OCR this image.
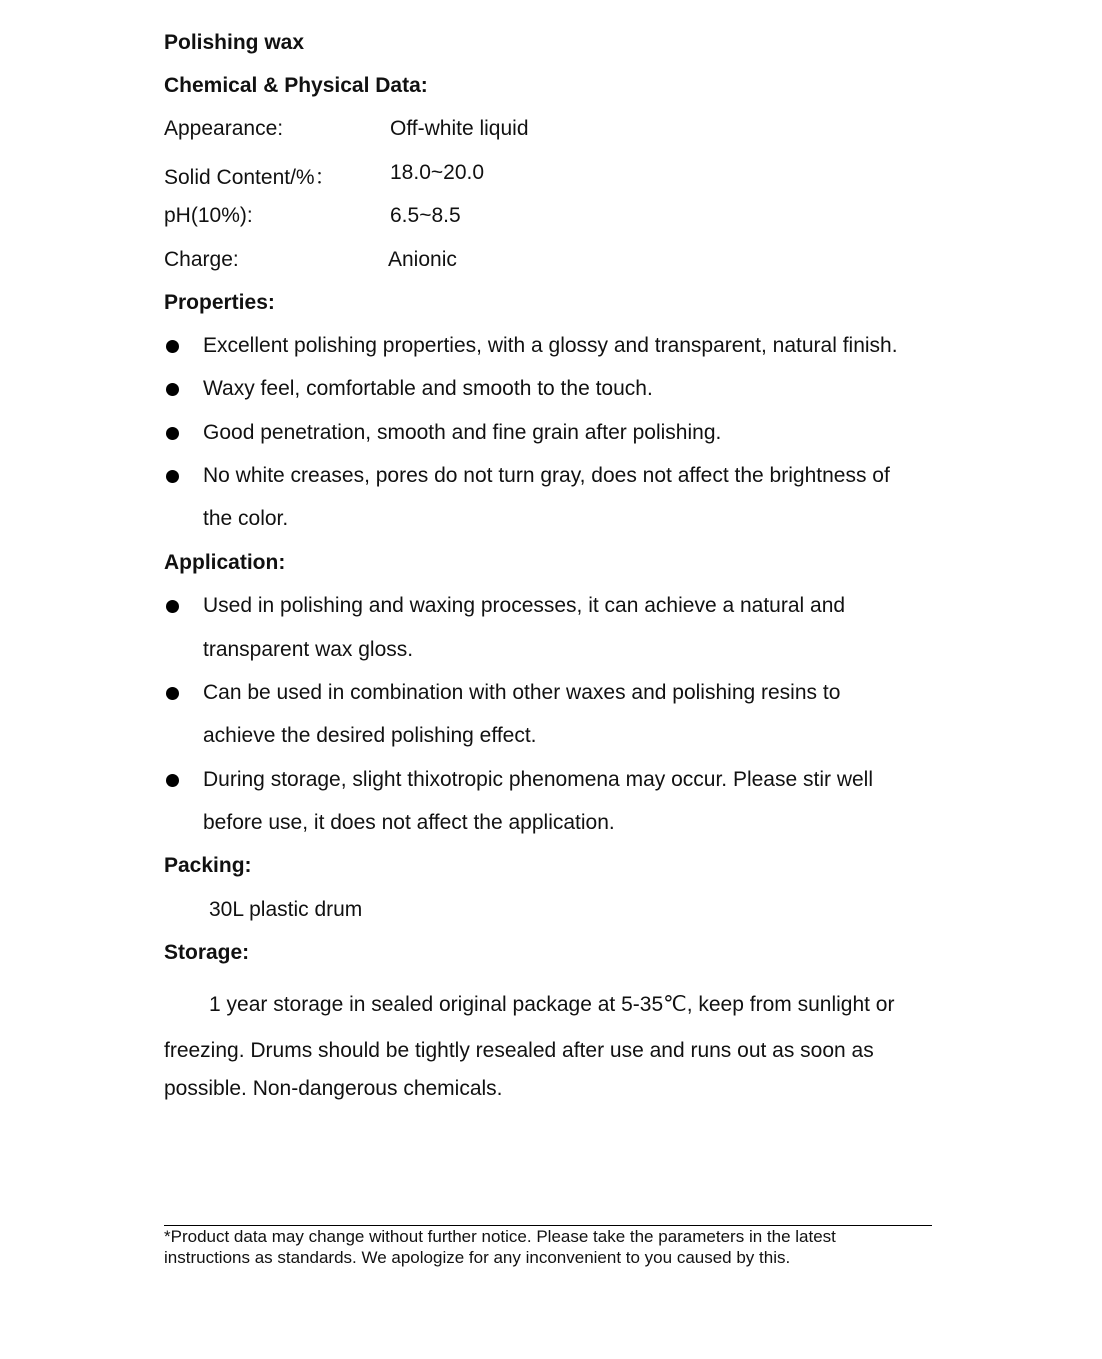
Polishing wax
Chemical & Physical Data:
Appearance:	Off-white liquid
Solid Content/%：	18.0~20.0
pH(10%):	6.5~8.5
Charge:	Anionic
Properties:
Excellent polishing properties, with a glossy and transparent, natural finish.
Waxy feel, comfortable and smooth to the touch.
Good penetration, smooth and fine grain after polishing.
No white creases, pores do not turn gray, does not affect the brightness of
the color.
Application:
Used in polishing and waxing processes, it can achieve a natural and
transparent wax gloss.
Can be used in combination with other waxes and polishing resins to
achieve the desired polishing effect.
During storage, slight thixotropic phenomena may occur. Please stir well
before use, it does not affect the application.
Packing:
30L plastic drum
Storage:
1 year storage in sealed original package at 5-35℃, keep from sunlight or
freezing. Drums should be tightly resealed after use and runs out as soon as
possible. Non-dangerous chemicals.
*Product data may change without further notice. Please take the parameters in the latest
instructions as standards. We apologize for any inconvenient to you caused by this.
